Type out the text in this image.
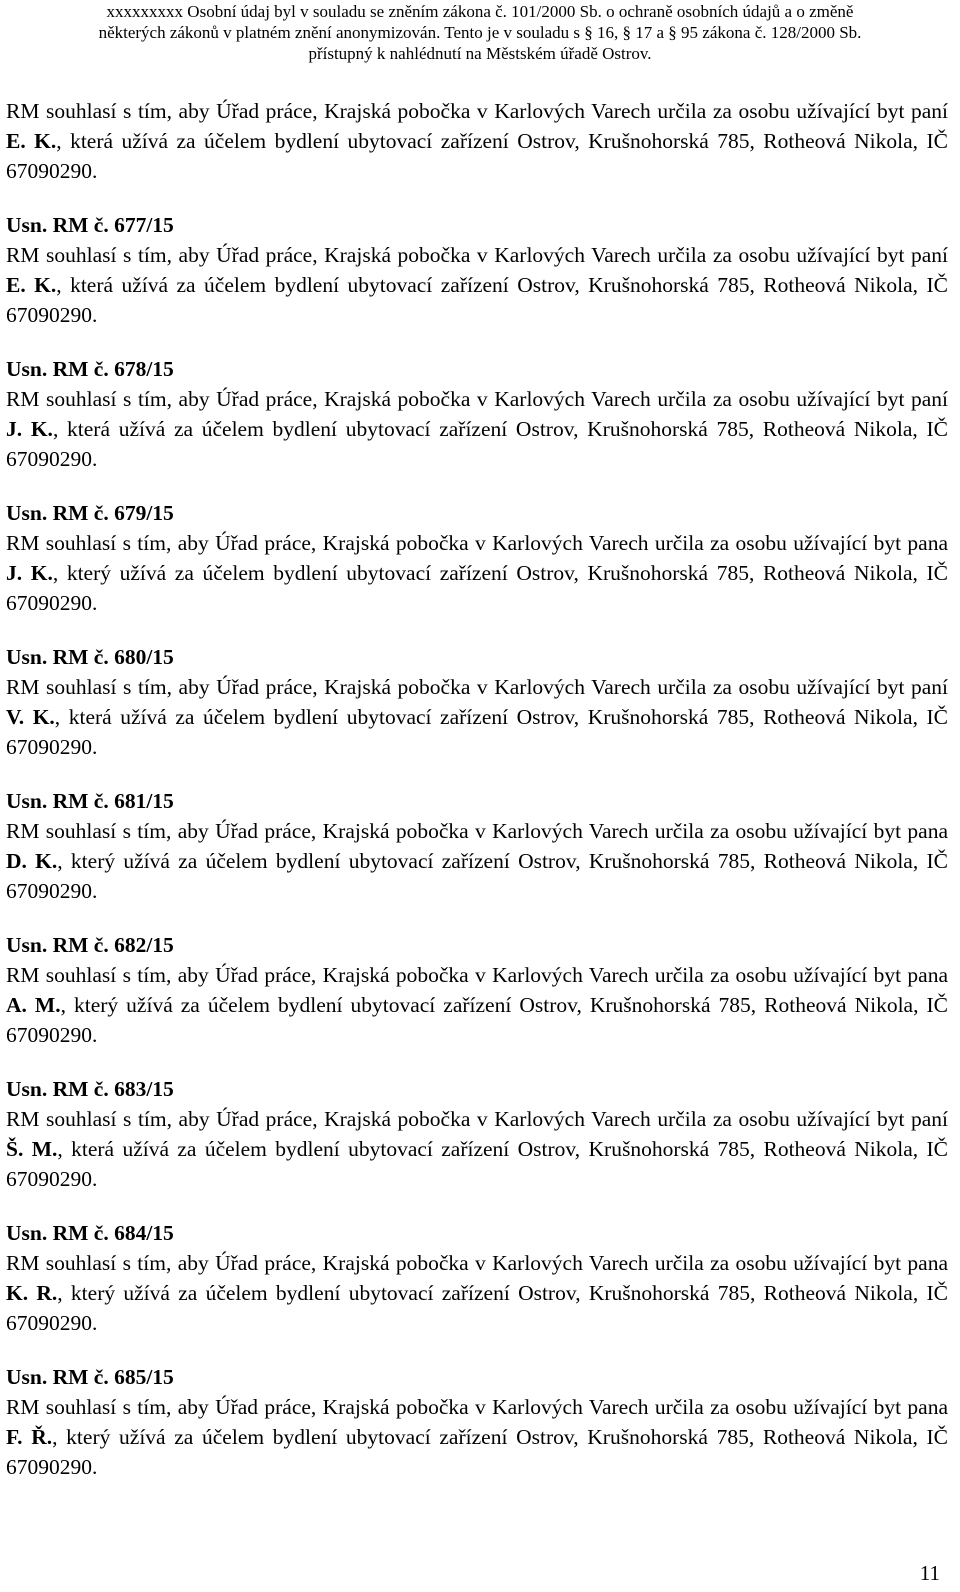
xxxxxxxxx Osobní údaj byl v souladu se zněním zákona č. 101/2000 Sb. o ochraně osobních údajů a o změně
některých zákonů v platném znění anonymizován. Tento je v souladu s § 16, § 17 a § 95 zákona č. 128/2000 Sb.
přístupný k nahlédnutí na Městském úřadě Ostrov.

RM souhlasí s tím, aby Úřad práce, Krajská pobočka v Karlových Varech určila za osobu užívající byt paní E. K., která užívá za účelem bydlení ubytovací zařízení Ostrov, Krušnohorská 785, Rotheová Nikola, IČ 67090290.

Usn. RM č. 677/15

RM souhlasí s tím, aby Úřad práce, Krajská pobočka v Karlových Varech určila za osobu užívající byt paní E. K., která užívá za účelem bydlení ubytovací zařízení Ostrov, Krušnohorská 785, Rotheová Nikola, IČ 67090290.

Usn. RM č. 678/15

RM souhlasí s tím, aby Úřad práce, Krajská pobočka v Karlových Varech určila za osobu užívající byt paní J. K., která užívá za účelem bydlení ubytovací zařízení Ostrov, Krušnohorská 785, Rotheová Nikola, IČ 67090290.

Usn. RM č. 679/15

RM souhlasí s tím, aby Úřad práce, Krajská pobočka v Karlových Varech určila za osobu užívající byt pana J. K., který užívá za účelem bydlení ubytovací zařízení Ostrov, Krušnohorská 785, Rotheová Nikola, IČ 67090290.

Usn. RM č. 680/15

RM souhlasí s tím, aby Úřad práce, Krajská pobočka v Karlových Varech určila za osobu užívající byt paní V. K., která užívá za účelem bydlení ubytovací zařízení Ostrov, Krušnohorská 785, Rotheová Nikola, IČ 67090290.

Usn. RM č. 681/15

RM souhlasí s tím, aby Úřad práce, Krajská pobočka v Karlových Varech určila za osobu užívající byt pana D. K., který užívá za účelem bydlení ubytovací zařízení Ostrov, Krušnohorská 785, Rotheová Nikola, IČ 67090290.

Usn. RM č. 682/15

RM souhlasí s tím, aby Úřad práce, Krajská pobočka v Karlových Varech určila za osobu užívající byt pana A. M., který užívá za účelem bydlení ubytovací zařízení Ostrov, Krušnohorská 785, Rotheová Nikola, IČ 67090290.

Usn. RM č. 683/15

RM souhlasí s tím, aby Úřad práce, Krajská pobočka v Karlových Varech určila za osobu užívající byt paní Š. M., která užívá za účelem bydlení ubytovací zařízení Ostrov, Krušnohorská 785, Rotheová Nikola, IČ 67090290.

Usn. RM č. 684/15

RM souhlasí s tím, aby Úřad práce, Krajská pobočka v Karlových Varech určila za osobu užívající byt pana K. R., který užívá za účelem bydlení ubytovací zařízení Ostrov, Krušnohorská 785, Rotheová Nikola, IČ 67090290.

Usn. RM č. 685/15

RM souhlasí s tím, aby Úřad práce, Krajská pobočka v Karlových Varech určila za osobu užívající byt pana F. Ř., který užívá za účelem bydlení ubytovací zařízení Ostrov, Krušnohorská 785, Rotheová Nikola, IČ 67090290.

11
